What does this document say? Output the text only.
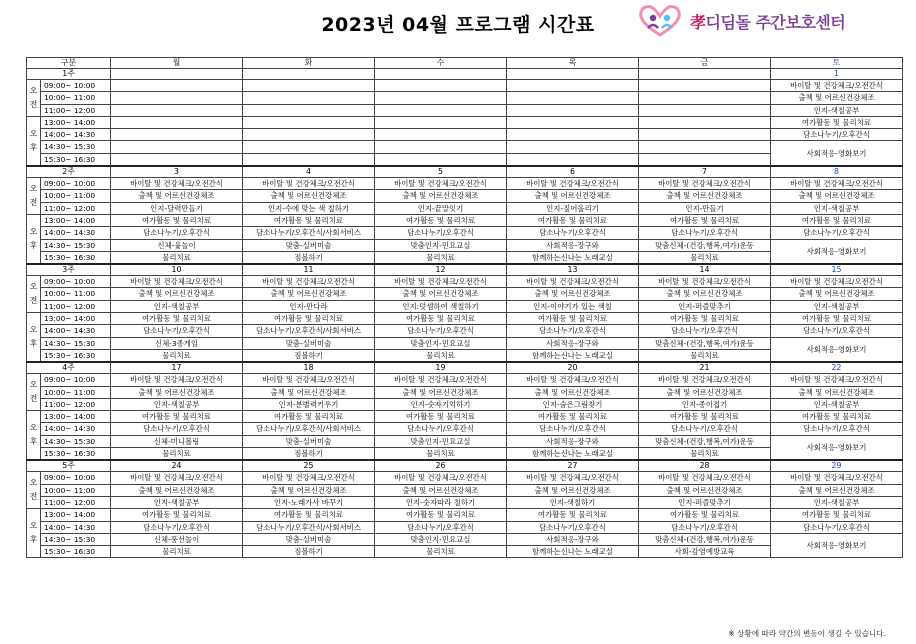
2023년 04월 프로그램 시간표	孝디딤돌 주간보호센터
구분		월	화	수	목	금	토
1주							1
오 전	09:00~ 10:00						바이탈 및 건강체크/오전간식
	10:00~ 11:00						출첵 및 어르신건강체조
	11:00~ 12:00						인지-색칠공부
오 후	13:00~ 14:00						여가활동 및 물리치료
	14:00~ 14:30						담소나누기/오후간식
	14:30~ 15:30						사회적응-영화보기
	15:30~ 16:30						
2주		3	4	5	6	7	8
오 전	09:00~ 10:00	바이탈 및 건강체크/오전간식	바이탈 및 건강체크/오전간식	바이탈 및 건강체크/오전간식	바이탈 및 건강체크/오전간식	바이탈 및 건강체크/오전간식	바이탈 및 건강체크/오전간식
	10:00~ 11:00	출첵 및 어르신건강체조	출첵 및 어르신건강체조	출첵 및 어르신건강체조	출첵 및 어르신건강체조	출첵 및 어르신건강체조	출첵 및 어르신건강체조
	11:00~ 12:00	인지-달력만들기	인지-수에 맞는 색 칠하기	인지-끝말잇기	인지-짚어올리기	인지-만들기	인지-색칠공부
오 후	13:00~ 14:00	여가활동 및 물리치료	여가활동 및 물리치료	여가활동 및 물리치료	여가활동 및 물리치료	여가활동 및 물리치료	여가활동 및 물리치료
	14:00~ 14:30	담소나누기/오후간식	담소나누기/오후간식/사회서비스	담소나누기/오후간식	담소나누기/오후간식	담소나누기/오후간식	담소나누기/오후간식
	14:30~ 15:30	신체-윷놀이	맞춤-실버미술	맞춤인지-민요교실	사회적응-장구와	맞춤신체-(건강,행복,여가)운동	사회적응-영화보기
	15:30~ 16:30	물리치료	짐볼하기	물리치료	함께하는신나는 노래교실	물리치료	
3주		10	11	12	13	14	15
오 전	09:00~ 10:00	바이탈 및 건강체크/오전간식	바이탈 및 건강체크/오전간식	바이탈 및 건강체크/오전간식	바이탈 및 건강체크/오전간식	바이탈 및 건강체크/오전간식	바이탈 및 건강체크/오전간식
	10:00~ 11:00	출첵 및 어르신건강체조	출첵 및 어르신건강체조	출첵 및 어르신건강체조	출첵 및 어르신건강체조	출첵 및 어르신건강체조	출첵 및 어르신건강체조
	11:00~ 12:00	인지-색칠공부	인지-만다라	인지:덧셈하여 색칠하기	인지-이야기가 있는 색칠	인지-퍼즐맞추기	인지-색칠공부
오 후	13:00~ 14:00	여가활동 및 물리치료	여가활동 및 물리치료	여가활동 및 물리치료	여가활동 및 물리치료	여가활동 및 물리치료	여가활동 및 물리치료
	14:00~ 14:30	담소나누기/오후간식	담소나누기/오후간식/사회서비스	담소나누기/오후간식	담소나누기/오후간식	담소나누기/오후간식	담소나누기/오후간식
	14:30~ 15:30	신체-3종게임	맞춤-실버미술	맞춤인지-민요교실	사회적응-장구와	맞춤신체-(건강,행복,여가)운동	사회적응-영화보기
	15:30~ 16:30	물리치료	짐볼하기	물리치료	함께하는신나는 노래교실	물리치료	
4주		17	18	19	20	21	22
오 전	09:00~ 10:00	바이탈 및 건강체크/오전간식	바이탈 및 건강체크/오전간식	바이탈 및 건강체크/오전간식	바이탈 및 건강체크/오전간식	바이탈 및 건강체크/오전간식	바이탈 및 건강체크/오전간식
	10:00~ 11:00	출첵 및 어르신건강체조	출첵 및 어르신건강체조	출첵 및 어르신건강체조	출첵 및 어르신건강체조	출첵 및 어르신건강체조	출첵 및 어르신건강체조
	11:00~ 12:00	인지-색칠공부	인지-분별력키우기	인지-숫자기억하기	인지-숨은그림찾기	인지-종이접기	인지-색칠공부
오 후	13:00~ 14:00	여가활동 및 물리치료	여가활동 및 물리치료	여가활동 및 물리치료	여가활동 및 물리치료	여가활동 및 물리치료	여가활동 및 물리치료
	14:00~ 14:30	담소나누기/오후간식	담소나누기/오후간식/사회서비스	담소나누기/오후간식	담소나누기/오후간식	담소나누기/오후간식	담소나누기/오후간식
	14:30~ 15:30	신체-미니볼링	맞춤-실버미술	맞춤인지-민요교실	사회적응-장구와	맞춤신체-(건강,행복,여가)운동	사회적응-영화보기
	15:30~ 16:30	물리치료	짐볼하기	물리치료	함께하는신나는 노래교실	물리치료	
5주		24	25	26	27	28	29
오 전	09:00~ 10:00	바이탈 및 건강체크/오전간식	바이탈 및 건강체크/오전간식	바이탈 및 건강체크/오전간식	바이탈 및 건강체크/오전간식	바이탈 및 건강체크/오전간식	바이탈 및 건강체크/오전간식
	10:00~ 11:00	출첵 및 어르신건강체조	출첵 및 어르신건강체조	출첵 및 어르신건강체조	출첵 및 어르신건강체조	출첵 및 어르신건강체조	출첵 및 어르신건강체조
	11:00~ 12:00	인지-색칠공부	인지-노래가사 바꾸기	인지-숫자따라 칠하기	인지-색칠하기	인지-퍼즐맞추기	인지-색칠공부
오 후	13:00~ 14:00	여가활동 및 물리치료	여가활동 및 물리치료	여가활동 및 물리치료	여가활동 및 물리치료	여가활동 및 물리치료	여가활동 및 물리치료
	14:00~ 14:30	담소나누기/오후간식	담소나누기/오후간식/사회서비스	담소나누기/오후간식	담소나누기/오후간식	담소나누기/오후간식	담소나누기/오후간식
	14:30~ 15:30	신체-풍선놀이	맞춤-실버미술	맞춤인지-민요교실	사회적응-장구와	맞춤신체-(건강,행복,여가)운동	사회적응-영화보기
	15:30~ 16:30	물리치료	짐볼하기	물리치료	함께하는신나는 노래교실	사회-감염예방교육	
※ 상황에 따라 약간의 변동이 생길 수 있습니다.
